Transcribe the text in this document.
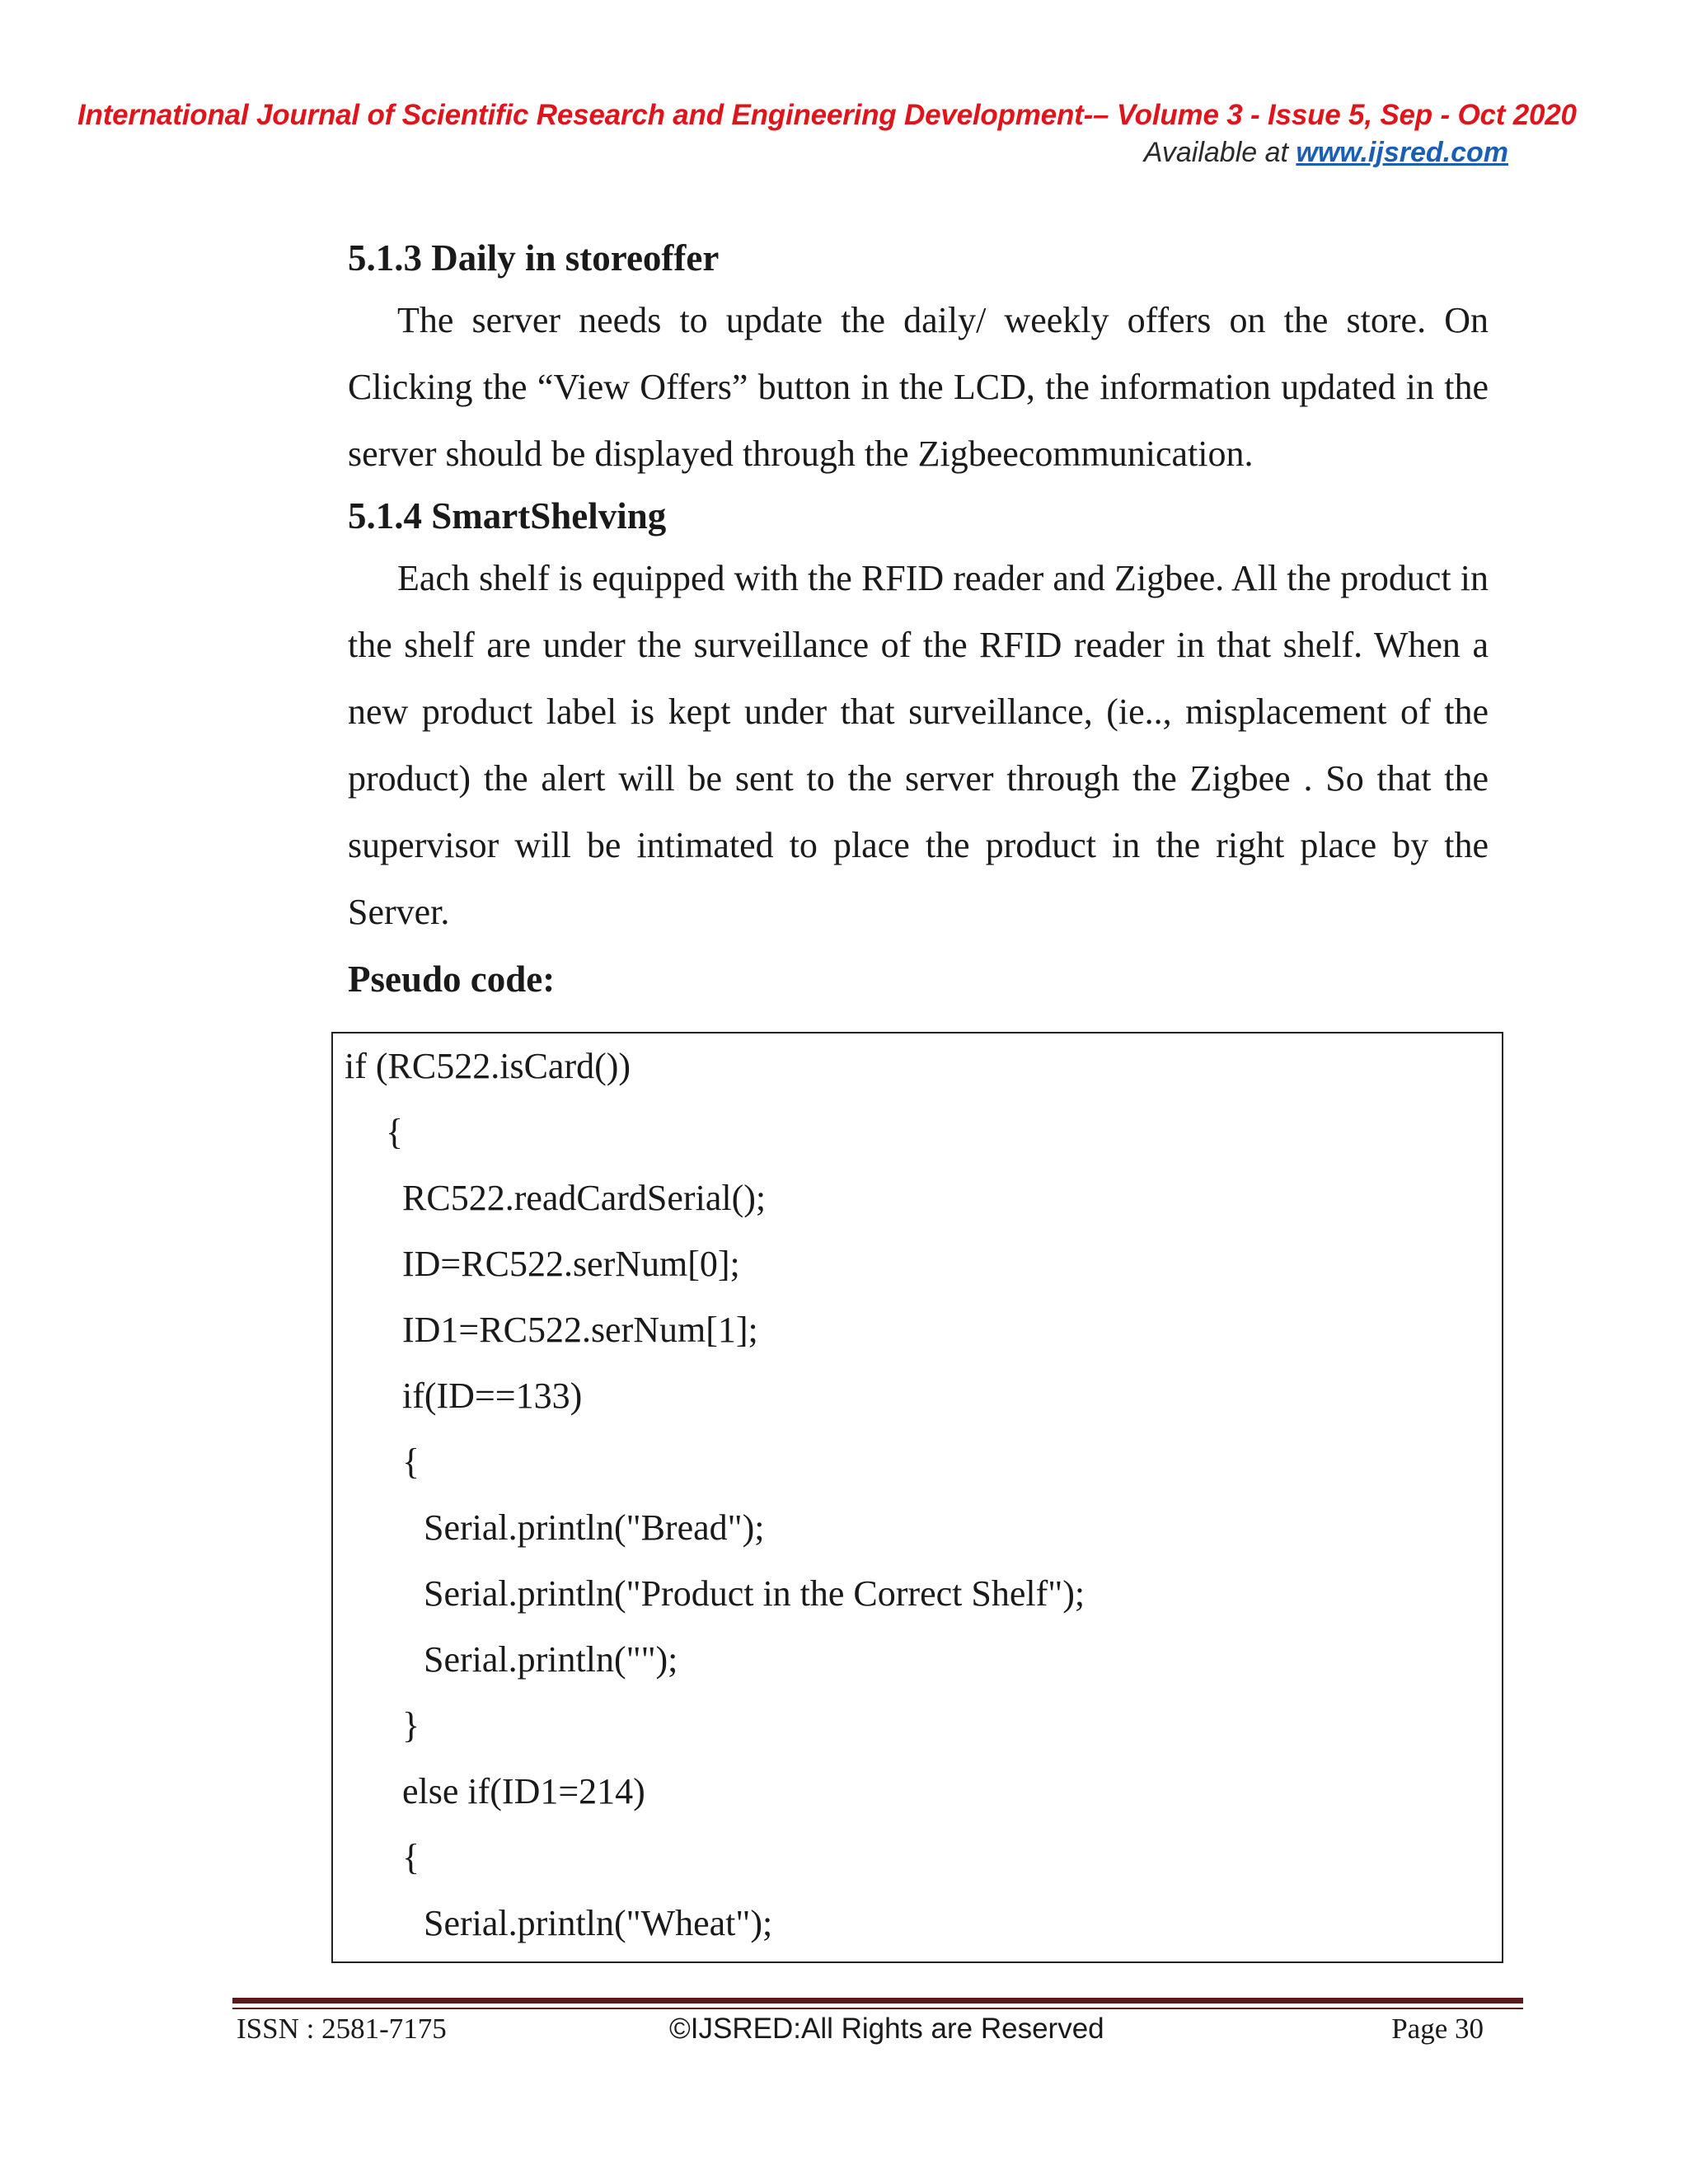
International Journal of Scientific Research and Engineering Development-– Volume 3 - Issue 5, Sep - Oct 2020
Available at www.ijsred.com

5.1.3 Daily in storeoffer

The server needs to update the daily/ weekly offers on the store. On Clicking the “View Offers” button in the LCD, the information updated in the server should be displayed through the Zigbeecommunication.

5.1.4 SmartShelving

Each shelf is equipped with the RFID reader and Zigbee. All the product in the shelf are under the surveillance of the RFID reader in that shelf. When a new product label is kept under that surveillance, (ie.., misplacement of the product) the alert will be sent to the server through the Zigbee . So that the supervisor will be intimated to place the product in the right place by the Server.

Pseudo code:

if (RC522.isCard())
{
RC522.readCardSerial();
ID=RC522.serNum[0];
ID1=RC522.serNum[1];
if(ID==133)
{
Serial.println("Bread");
Serial.println("Product in the Correct Shelf");
Serial.println("");
}
else if(ID1=214)
{
Serial.println("Wheat");
ISSN : 2581-7175	©IJSRED:All Rights are Reserved	Page 30
